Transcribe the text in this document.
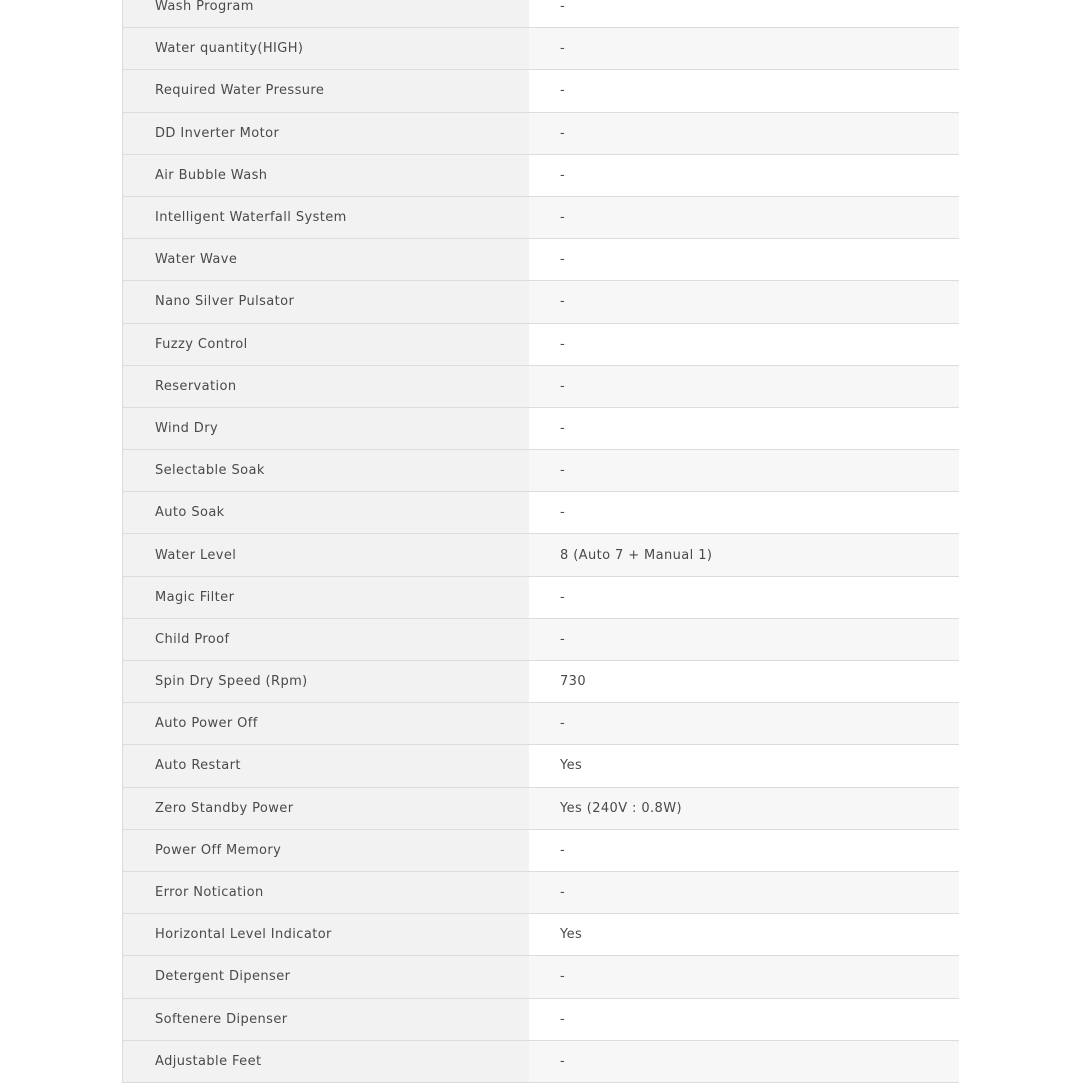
Wash Program	-
Water quantity(HIGH)	-
Required Water Pressure	-
DD Inverter Motor	-
Air Bubble Wash	-
Intelligent Waterfall System	-
Water Wave	-
Nano Silver Pulsator	-
Fuzzy Control	-
Reservation	-
Wind Dry	-
Selectable Soak	-
Auto Soak	-
Water Level	8 (Auto 7 + Manual 1)
Magic Filter	-
Child Proof	-
Spin Dry Speed (Rpm)	730
Auto Power Off	-
Auto Restart	Yes
Zero Standby Power	Yes (240V : 0.8W)
Power Off Memory	-
Error Notication	-
Horizontal Level Indicator	Yes
Detergent Dipenser	-
Softenere Dipenser	-
Adjustable Feet	-
